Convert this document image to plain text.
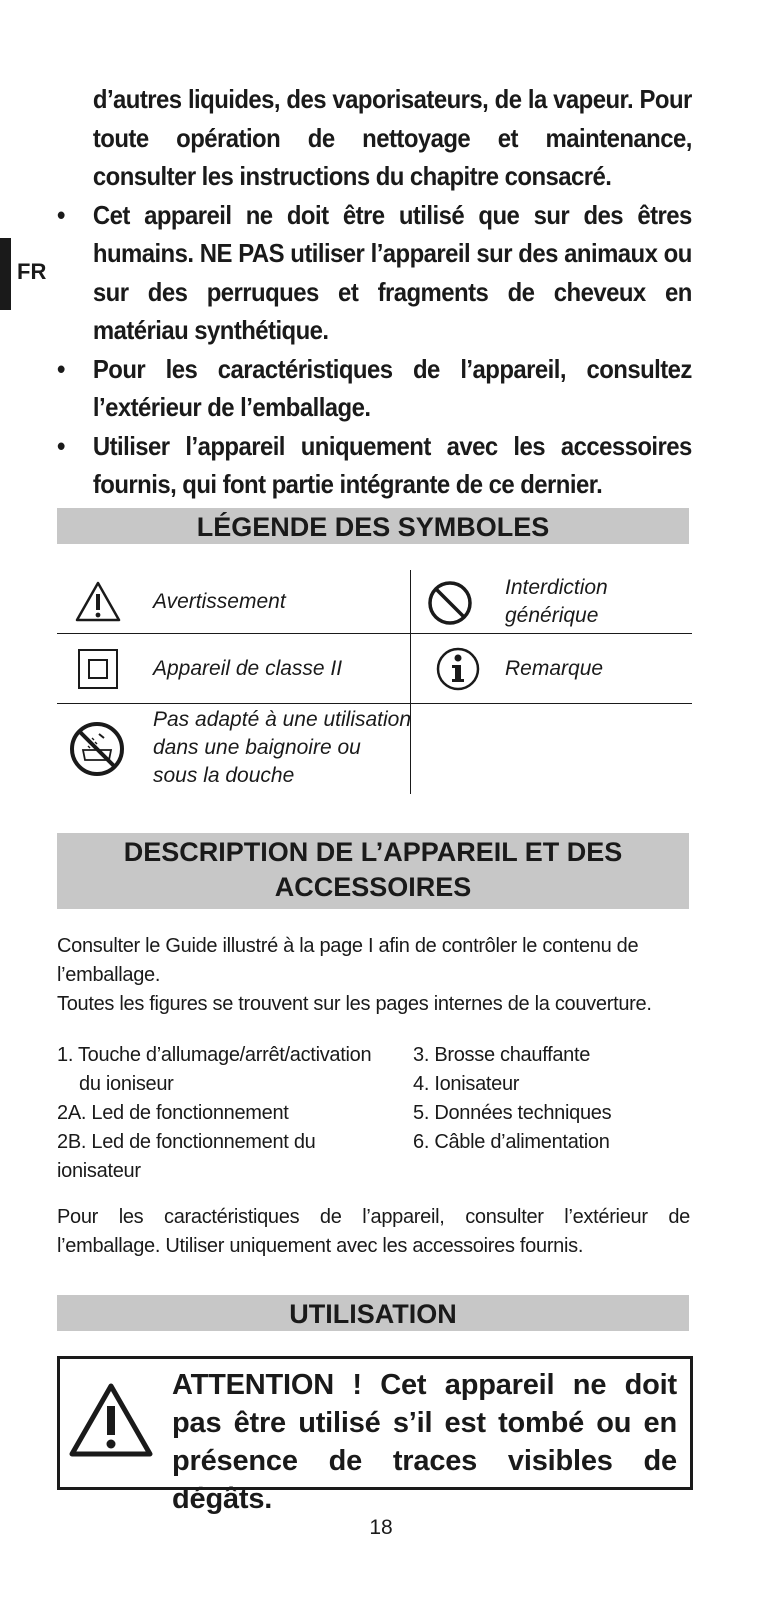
FR

d’autres liquides, des vaporisateurs, de la vapeur. Pour toute opération de nettoyage et maintenance, consulter les instructions du chapitre consacré.

• Cet appareil ne doit être utilisé que sur des êtres humains. NE PAS utiliser l’appareil sur des animaux ou sur des perruques et fragments de cheveux en matériau synthétique.
• Pour les caractéristiques de l’appareil, consultez l’extérieur de l’emballage.
• Utiliser l’appareil uniquement avec les accessoires fournis, qui font partie intégrante de ce dernier.
LÉGENDE DES SYMBOLES
Avertissement
Interdiction
générique
Appareil de classe II	Remarque
Pas adapté à une utilisation
dans une baignoire ou
sous la douche
DESCRIPTION DE L’APPAREIL ET DES
ACCESSOIRES

Consulter le Guide illustré à la page I afin de contrôler le contenu de l’emballage.

Toutes les figures se trouvent sur les pages internes de la couverture.

1. Touche d’allumage/arrêt/activation
du ioniseur
2A. Led de fonctionnement
2B. Led de fonctionnement du
ionisateur
3. Brosse chauffante
4. Ionisateur
5. Données techniques
6. Câble d’alimentation

Pour les caractéristiques de l’appareil, consulter l’extérieur de l’emballage. Utiliser uniquement avec les accessoires fournis.

UTILISATION
ATTENTION ! Cet appareil ne doit
pas être utilisé s’il est tombé ou en
présence de traces visibles de dégâts.
18
